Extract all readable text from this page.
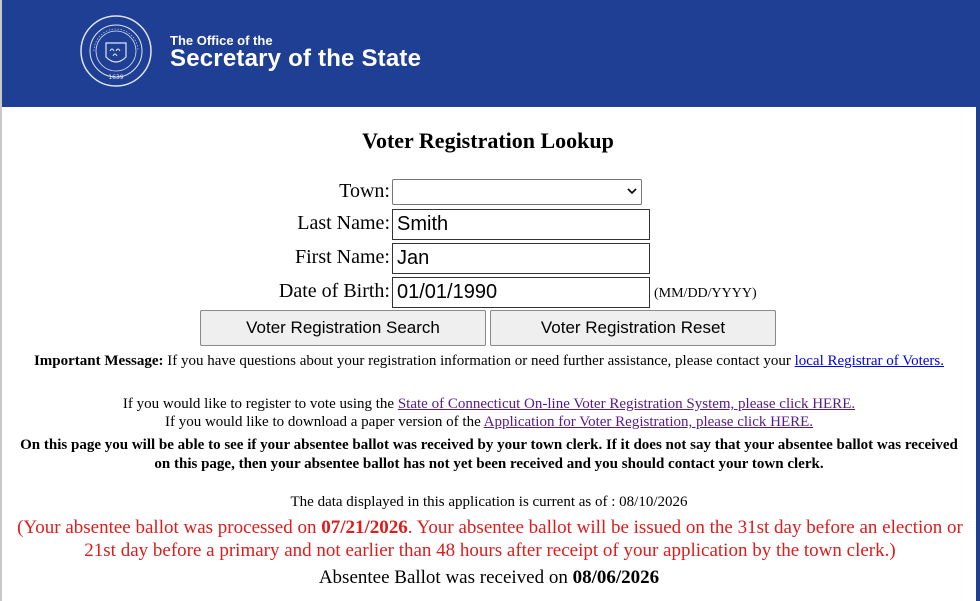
1639
The Office of the
Secretary of the State
Voter Registration Lookup
Town:
Last Name:
Smith
First Name:
Jan
Date of Birth:
01/01/1990	(MM/DD/YYYY)
Voter Registration Search	Voter Registration Reset
Important Message: If you have questions about your registration information or need further assistance, please contact your local Registrar of Voters.
If you would like to register to vote using the State of Connecticut On-line Voter Registration System, please click HERE.
If you would like to download a paper version of the Application for Voter Registration, please click HERE.
On this page you will be able to see if your absentee ballot was received by your town clerk. If it does not say that your absentee ballot was received on this page, then your absentee ballot has not yet been received and you should contact your town clerk.
The data displayed in this application is current as of : 08/10/2026
(Your absentee ballot was processed on 07/21/2026. Your absentee ballot will be issued on the 31st day before an election or 21st day before a primary and not earlier than 48 hours after receipt of your application by the town clerk.)
Absentee Ballot was received on 08/06/2026
